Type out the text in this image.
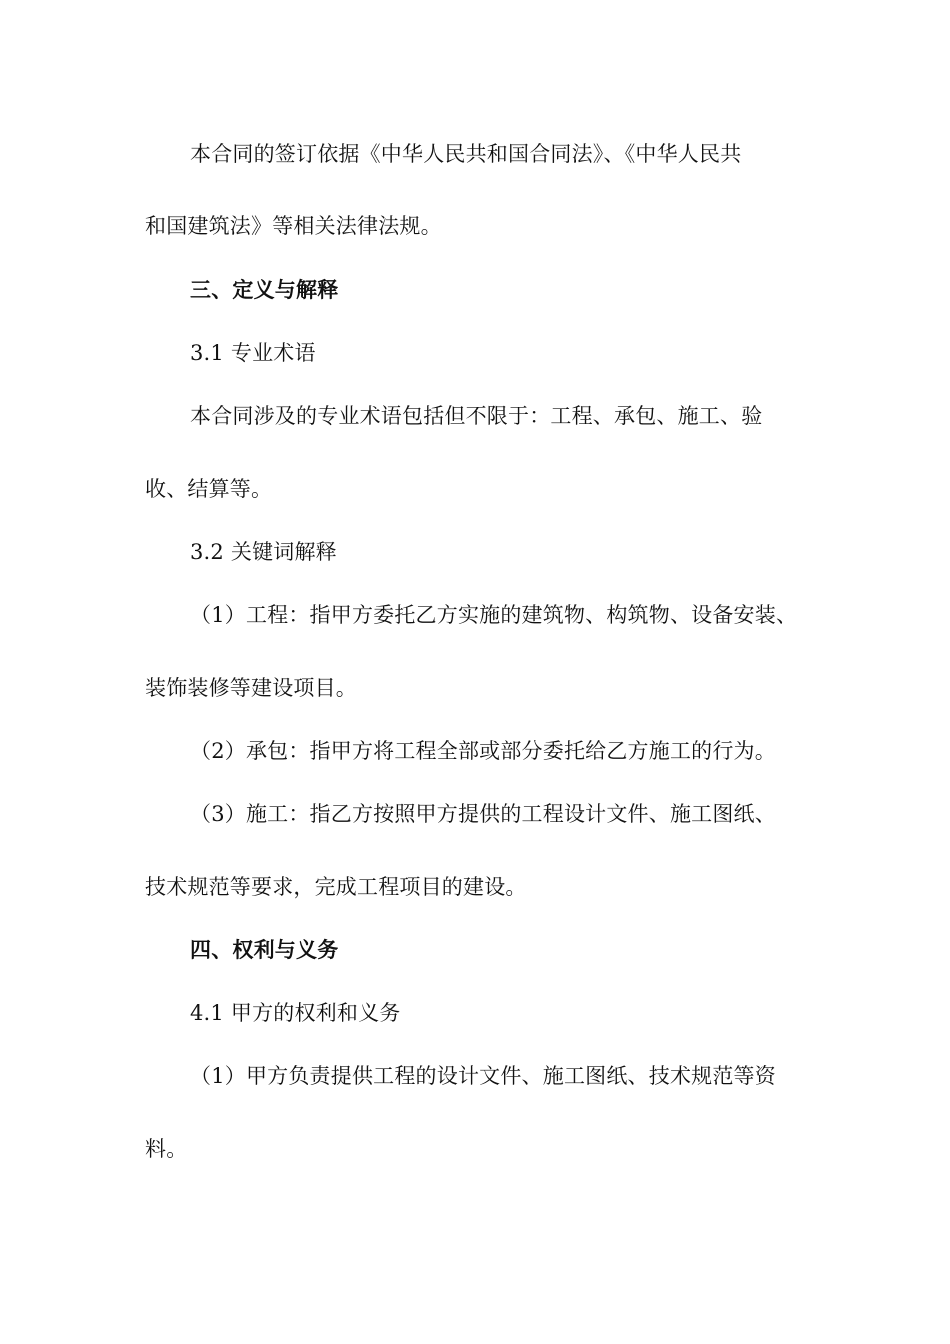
本合同的签订依据《中华人民共和国合同法》、《中华人民共
和国建筑法》等相关法律法规。
三、定义与解释
3.1 专业术语
本合同涉及的专业术语包括但不限于：工程、承包、施工、验
收、结算等。
3.2 关键词解释
（1）工程：指甲方委托乙方实施的建筑物、构筑物、设备安装、
装饰装修等建设项目。
（2）承包：指甲方将工程全部或部分委托给乙方施工的行为。
（3）施工：指乙方按照甲方提供的工程设计文件、施工图纸、
技术规范等要求，完成工程项目的建设。
四、权利与义务
4.1 甲方的权利和义务
（1）甲方负责提供工程的设计文件、施工图纸、技术规范等资
料。
